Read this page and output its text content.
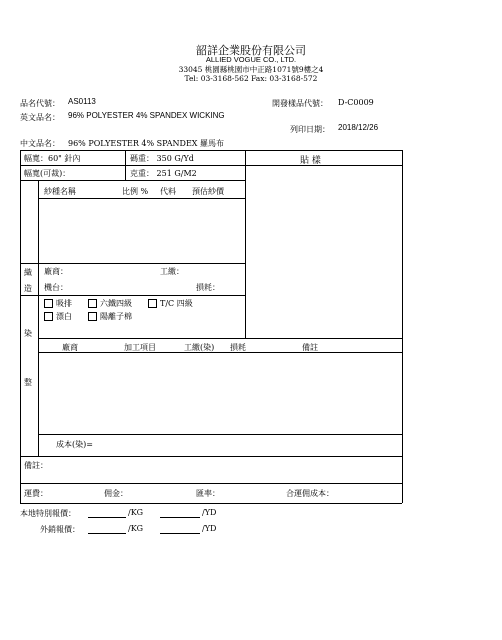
韶詳企業股份有限公司
ALLIED VOGUE CO., LTD.
33045 桃園縣桃園市中正路1071號9樓之4
Tel: 03-3168-562 Fax: 03-3168-572
品名代號： AS0113	開發樣品代號： D-C0009
英文品名： 96% POLYESTER 4% SPANDEX WICKING
列印日期： 2018/12/26
中文品名： 96% POLYESTER 4% SPANDEX 羅馬布
幅寬：60" 針內	碼重： 350 G/Yd	貼 樣
幅寬(可裁)：	克重： 251 G/M2
紗種名稱	比例 % 代料 預估紗價
織
造
廠商：	工繳：
機台：	損耗：
染
整
吸排	六鐵四級	T/C 四級
漂白	陽離子棉
廠商	加工項目	工繳(染) 損耗	備註
成本(染)=
備註：
運費：	佣金：	匯率：	合運佣成本：
本地特別報價：	/KG	/YD
外銷報價：	/KG	/YD
